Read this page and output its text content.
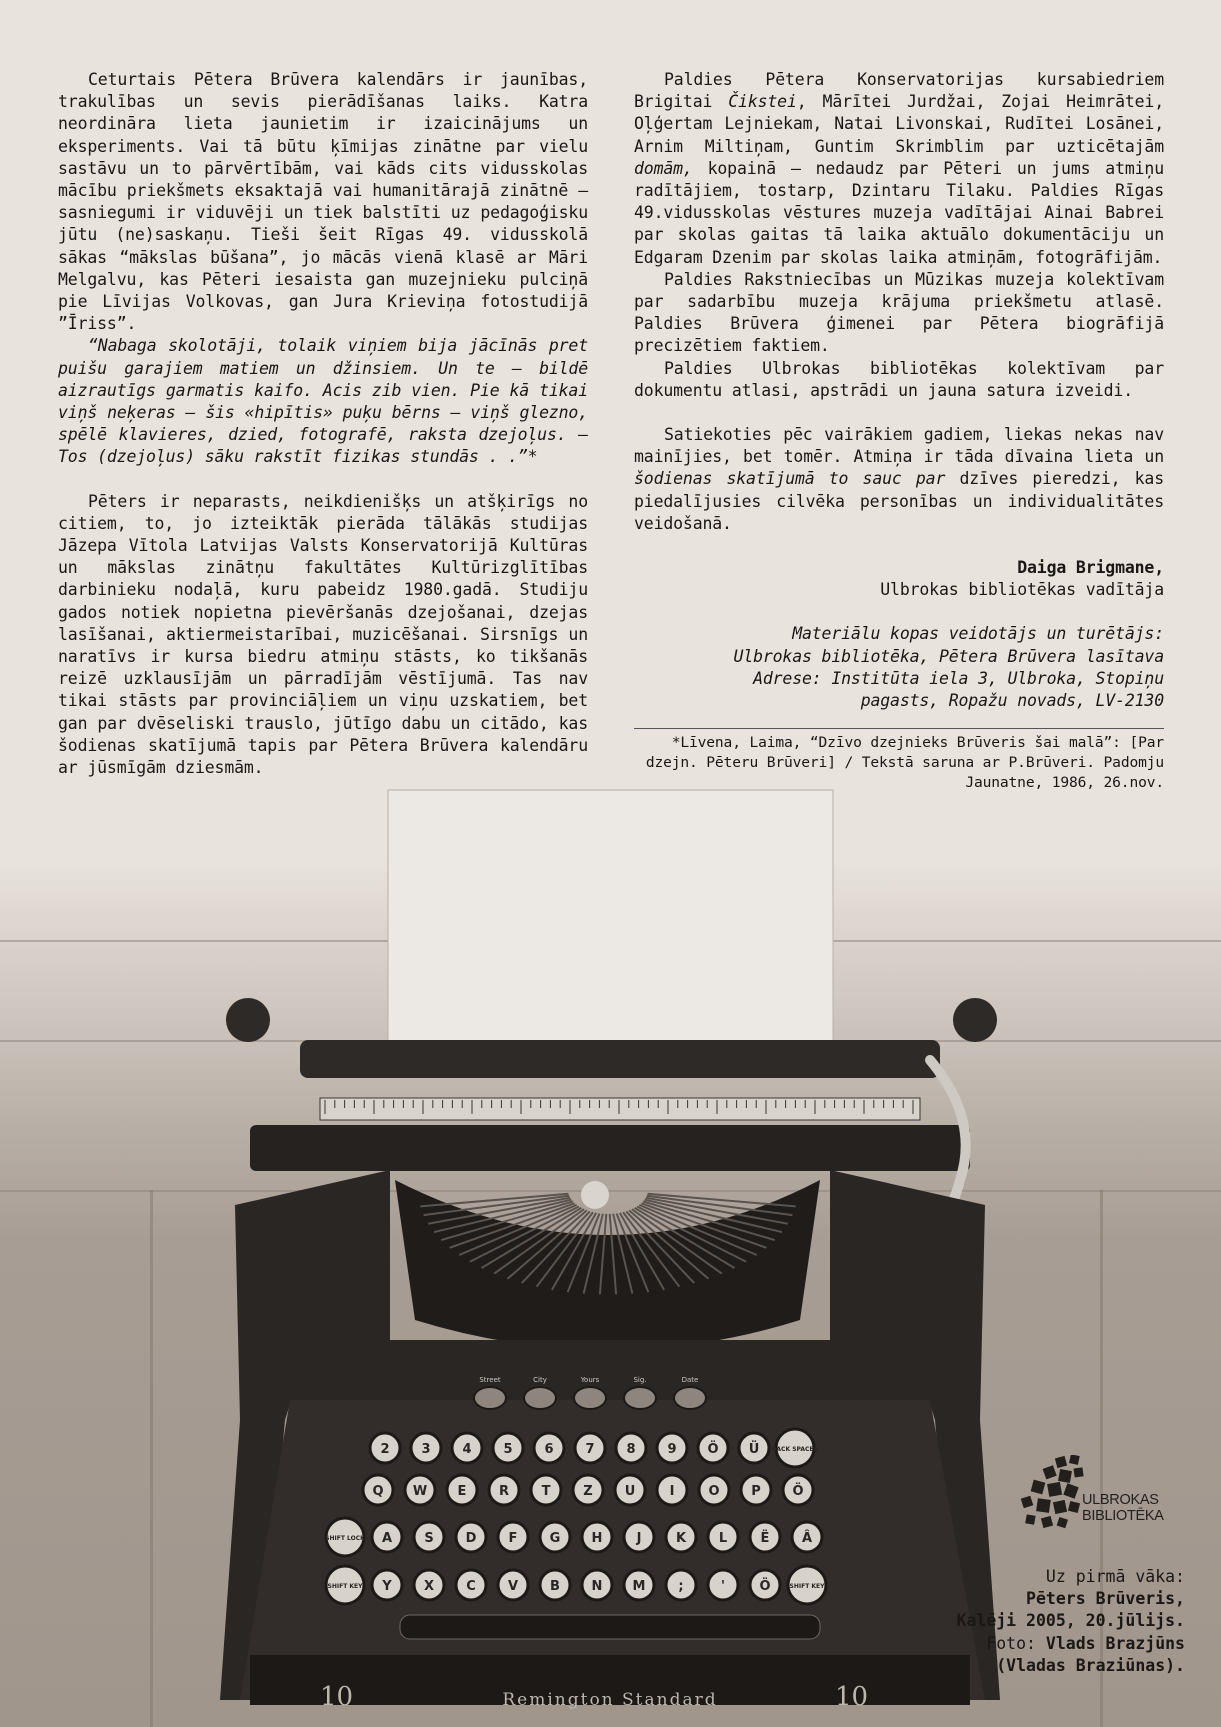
Street	City	Yours	Sig.	Date
2 3 4 5 6 7 8 9 Ö Ü BACK SPACER
Q W E	R	T	Z U	I	O P Ö
SHIFT LOCK A S D F G H	J	K	L	Ë	Â
SHIFT KEY Y X C V B N M	;	'	Ö	SHIFT KEY
Remington Standard
10	10

Ceturtais Pētera Brūvera kalendārs ir jaunības, trakulības un sevis pierādīšanas laiks. Katra neordināra lieta jaunietim ir izaicinājums un eksperiments. Vai tā būtu ķīmijas zinātne par vielu sastāvu un to pārvērtībām, vai kāds cits vidusskolas mācību priekšmets eksaktajā vai humanitārajā zinātnē – sasniegumi ir viduvēji un tiek balstīti uz pedagoģisku jūtu (ne)saskaņu. Tieši šeit Rīgas 49. vidusskolā sākas “mākslas būšana”, jo mācās vienā klasē ar Māri Melgalvu, kas Pēteri iesaista gan muzejnieku pulciņā pie Līvijas Volkovas, gan Jura Krieviņa fotostudijā ”Īriss”.

“Nabaga skolotāji, tolaik viņiem bija jācīnās pret puišu garajiem matiem un džinsiem. Un te — bildē aizrautīgs garmatis kaifo. Acis zib vien. Pie kā tikai viņš neķeras — šis «hipītis» puķu bērns — viņš glezno, spēlē klavieres, dzied, fotografē, raksta dzejoļus. — Tos (dzejoļus) sāku rakstīt fizikas stundās . .”*

Pēters ir neparasts, neikdienišķs un atšķirīgs no citiem, to, jo izteiktāk pierāda tālākās studijas Jāzepa Vītola Latvijas Valsts Konservatorijā Kultūras un mākslas zinātņu fakultātes Kultūrizglītības darbinieku nodaļā, kuru pabeidz 1980.gadā. Studiju gados notiek nopietna pievēršanās dzejošanai, dzejas lasīšanai, aktiermeistarībai, muzicēšanai. Sirsnīgs un naratīvs ir kursa biedru atmiņu stāsts, ko tikšanās reizē uzklausījām un pārradījām vēstījumā. Tas nav tikai stāsts par provinciāļiem un viņu uzskatiem, bet gan par dvēseliski trauslo, jūtīgo dabu un citādo, kas šodienas skatījumā tapis par Pētera Brūvera kalendāru ar jūsmīgām dziesmām.

Paldies Pētera Konservatorijas kursabiedriem Brigitai Čikstei, Mārītei Jurdžai, Zojai Heimrātei, Oļģertam Lejniekam, Natai Livonskai, Rudītei Losānei, Arnim Miltiņam, Guntim Skrimblim par uzticētajām domām, kopainā – nedaudz par Pēteri un jums atmiņu radītājiem, tostarp, Dzintaru Tilaku. Paldies Rīgas 49.vidusskolas vēstures muzeja vadītājai Ainai Babrei par skolas gaitas tā laika aktuālo dokumentāciju un Edgaram Dzenim par skolas laika atmiņām, fotogrāfijām.

Paldies Rakstniecības un Mūzikas muzeja kolektīvam par sadarbību muzeja krājuma priekšmetu atlasē. Paldies Brūvera ģimenei par Pētera biogrāfijā precizētiem faktiem.

Paldies Ulbrokas bibliotēkas kolektīvam par dokumentu atlasi, apstrādi un jauna satura izveidi.

Satiekoties pēc vairākiem gadiem, liekas nekas nav mainījies, bet tomēr. Atmiņa ir tāda dīvaina lieta un šodienas skatījumā to sauc par dzīves pieredzi, kas piedalījusies cilvēka personības un individualitātes veidošanā.

Daiga Brigmane,
Ulbrokas bibliotēkas vadītāja
Materiālu kopas veidotājs un turētājs:
Ulbrokas bibliotēka, Pētera Brūvera lasītava
Adrese: Institūta iela 3, Ulbroka, Stopiņu
pagasts, Ropažu novads, LV-2130
*Līvena, Laima, “Dzīvo dzejnieks Brūveris šai malā”: [Par dzejn. Pēteru Brūveri] / Tekstā saruna ar P.Brūveri. Padomju Jaunatne, 1986, 26.nov.
ULBROKAS
BIBLIOTĒKA
Uz pirmā vāka:
Pēters Brūveris,
Kalēji 2005, 20.jūlijs.
Foto: Vlads Brazjūns
(Vladas Braziūnas).
